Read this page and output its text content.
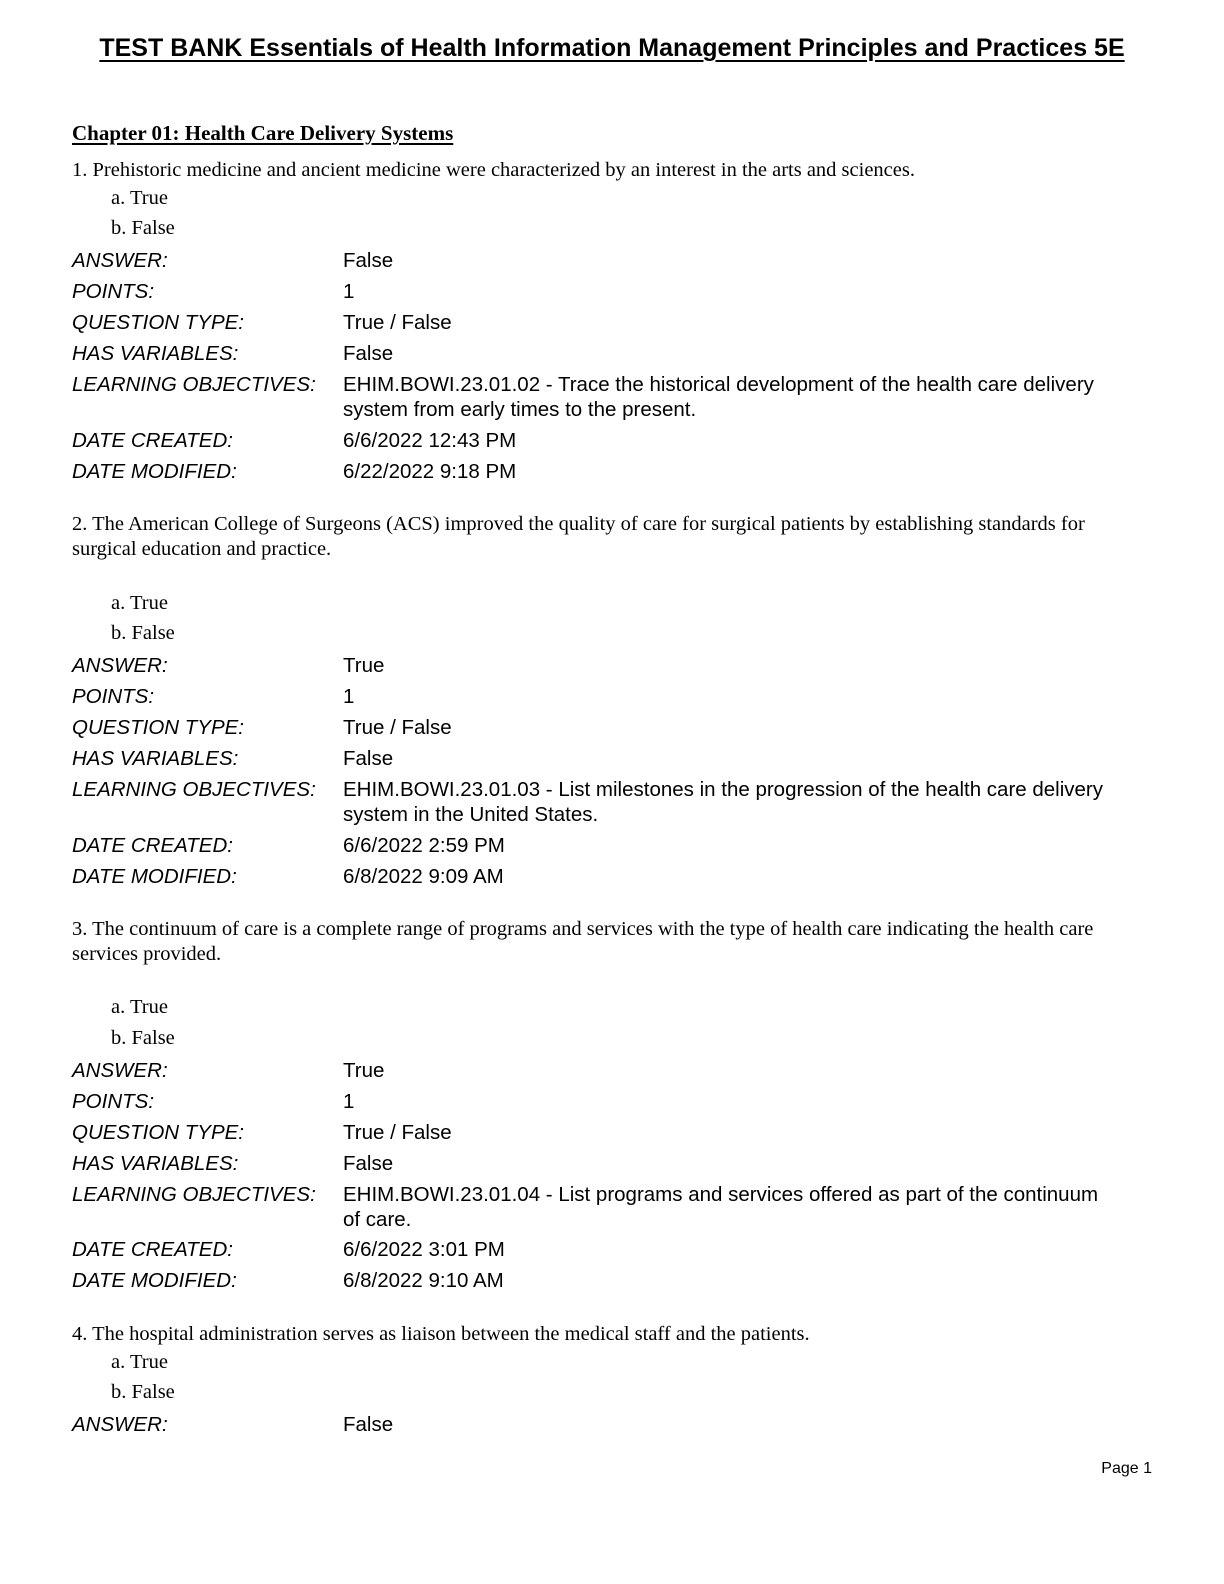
TEST BANK Essentials of Health Information Management Principles and Practices 5E
Chapter 01: Health Care Delivery Systems
1. Prehistoric medicine and ancient medicine were characterized by an interest in the arts and sciences.
a. True
b. False
ANSWER:	False
POINTS:	1
QUESTION TYPE:	True / False
HAS VARIABLES:	False
LEARNING OBJECTIVES: EHIM.BOWI.23.01.02 - Trace the historical development of the health care delivery system from early times to the present.
DATE CREATED:	6/6/2022 12:43 PM
DATE MODIFIED:	6/22/2022 9:18 PM
2. The American College of Surgeons (ACS) improved the quality of care for surgical patients by establishing standards for surgical education and practice.
a. True
b. False
ANSWER:	True
POINTS:	1
QUESTION TYPE:	True / False
HAS VARIABLES:	False
LEARNING OBJECTIVES: EHIM.BOWI.23.01.03 - List milestones in the progression of the health care delivery system in the United States.
DATE CREATED:	6/6/2022 2:59 PM
DATE MODIFIED:	6/8/2022 9:09 AM
3. The continuum of care is a complete range of programs and services with the type of health care indicating the health care services provided.
a. True
b. False
ANSWER:	True
POINTS:	1
QUESTION TYPE:	True / False
HAS VARIABLES:	False
LEARNING OBJECTIVES: EHIM.BOWI.23.01.04 - List programs and services offered as part of the continuum of care.
DATE CREATED:	6/6/2022 3:01 PM
DATE MODIFIED:	6/8/2022 9:10 AM
4. The hospital administration serves as liaison between the medical staff and the patients.
a. True
b. False
ANSWER:	False
Page 1
